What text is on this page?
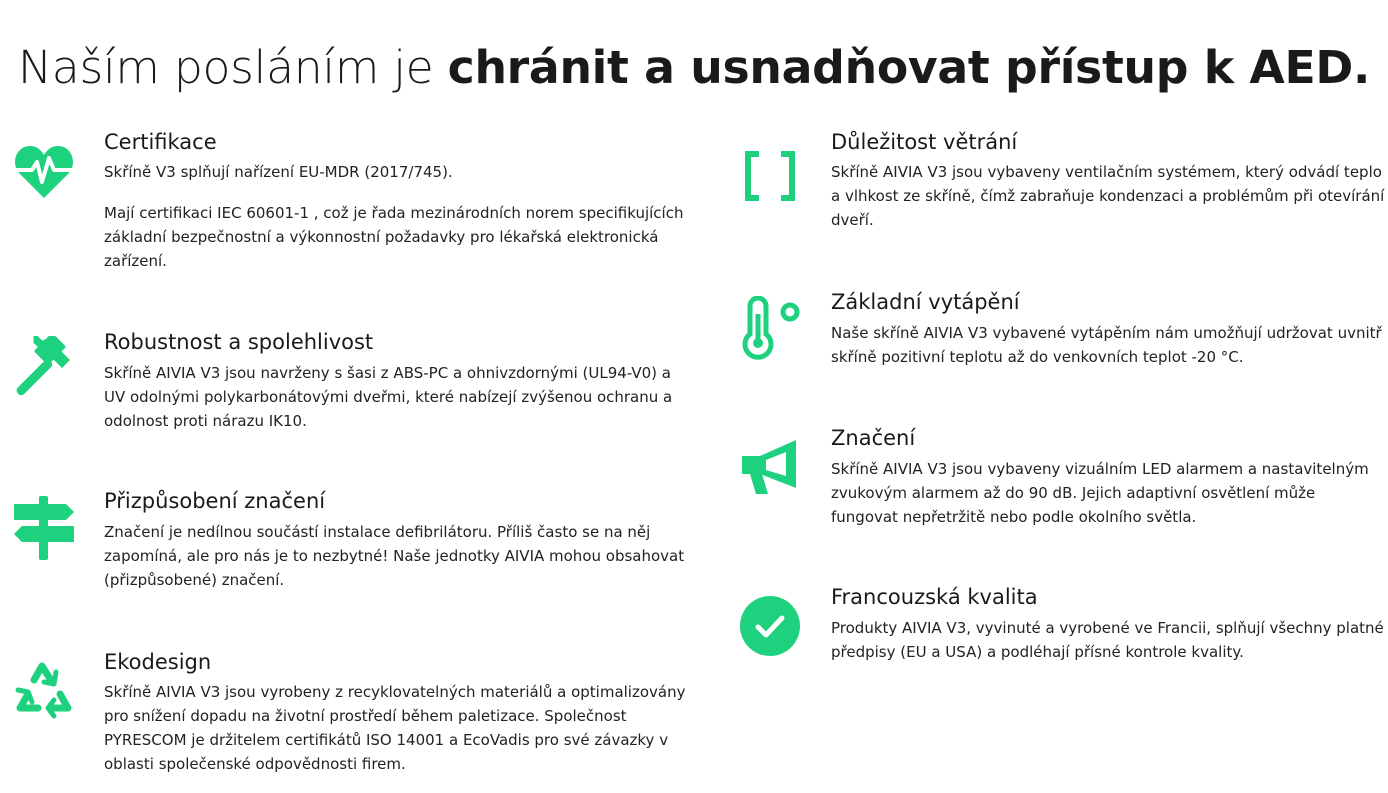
Naším posláním je chránit a usnadňovat přístup k AED.
Certifikace

Skříně V3 splňují nařízení EU-MDR (2017/745).

Mají certifikaci IEC 60601-1 , což je řada mezinárodních norem specifikujících základní bezpečnostní a výkonnostní požadavky pro lékařská elektronická zařízení.

Robustnost a spolehlivost

Skříně AIVIA V3 jsou navrženy s šasi z ABS-PC a ohnivzdornými (UL94-V0) a UV odolnými polykarbonátovými dveřmi, které nabízejí zvýšenou ochranu a odolnost proti nárazu IK10.

Přizpůsobení značení

Značení je nedílnou součástí instalace defibrilátoru. Příliš často se na něj zapomíná, ale pro nás je to nezbytné! Naše jednotky AIVIA mohou obsahovat (přizpůsobené) značení.

Ekodesign

Skříně AIVIA V3 jsou vyrobeny z recyklovatelných materiálů a optimalizovány pro snížení dopadu na životní prostředí během paletizace. Společnost PYRESCOM je držitelem certifikátů ISO 14001 a EcoVadis pro své závazky v oblasti společenské odpovědnosti firem.

Důležitost větrání

Skříně AIVIA V3 jsou vybaveny ventilačním systémem, který odvádí teplo a vlhkost ze skříně, čímž zabraňuje kondenzaci a problémům při otevírání dveří.

Základní vytápění

Naše skříně AIVIA V3 vybavené vytápěním nám umožňují udržovat uvnitř skříně pozitivní teplotu až do venkovních teplot -20 °C.

Značení

Skříně AIVIA V3 jsou vybaveny vizuálním LED alarmem a nastavitelným zvukovým alarmem až do 90 dB. Jejich adaptivní osvětlení může fungovat nepřetržitě nebo podle okolního světla.

Francouzská kvalita

Produkty AIVIA V3, vyvinuté a vyrobené ve Francii, splňují všechny platné předpisy (EU a USA) a podléhají přísné kontrole kvality.
